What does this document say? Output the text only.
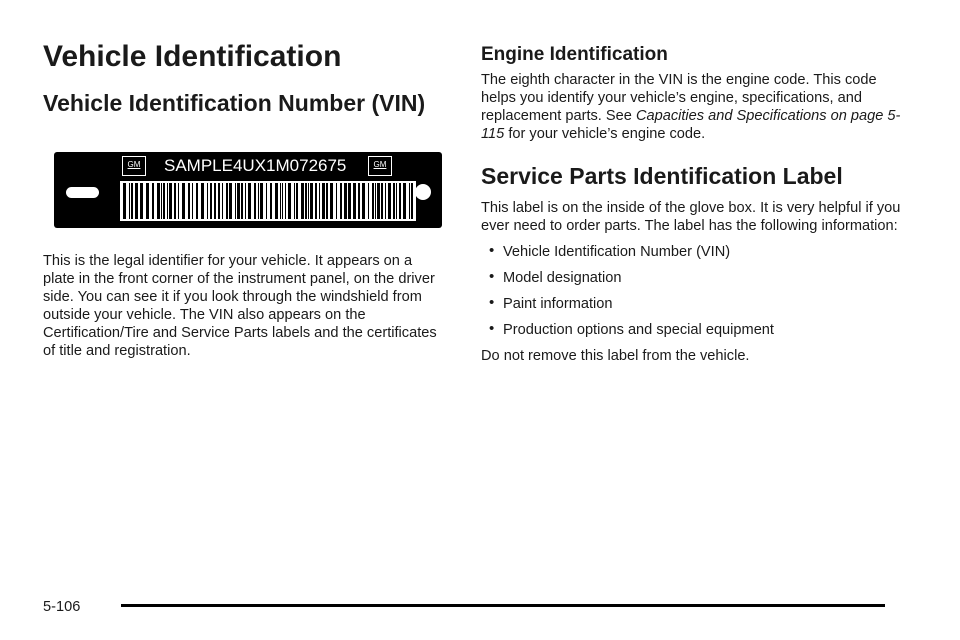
Vehicle Identification
Vehicle Identification Number (VIN)
GM	SAMPLE4UX1M072675	GM

This is the legal identifier for your vehicle. It appears on a plate in the front corner of the instrument panel, on the driver side. You can see it if you look through the windshield from outside your vehicle. The VIN also appears on the Certification/Tire and Service Parts labels and the certificates of title and registration.

Engine Identification

The eighth character in the VIN is the engine code. This code helps you identify your vehicle’s engine, specifications, and replacement parts. See Capacities and Specifications on page 5-115 for your vehicle’s engine code.

Service Parts Identification Label

This label is on the inside of the glove box. It is very helpful if you ever need to order parts. The label has the following information:

• Vehicle Identification Number (VIN)
• Model designation
• Paint information
• Production options and special equipment

Do not remove this label from the vehicle.

5-106
